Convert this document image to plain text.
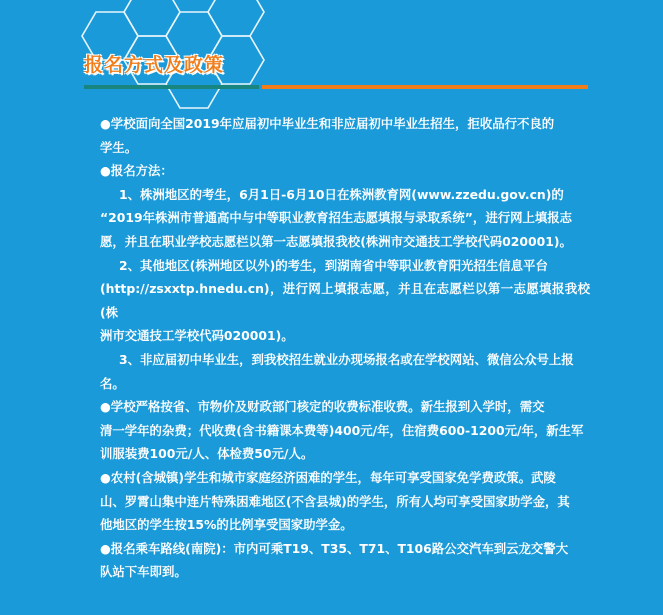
报名方式及政策

●学校面向全国2019年应届初中毕业生和非应届初中毕业生招生，拒收品行不良的

学生。

●报名方法：

1、株洲地区的考生，6月1日-6月10日在株洲教育网(www.zzedu.gov.cn)的

“2019年株洲市普通高中与中等职业教育招生志愿填报与录取系统”，进行网上填报志

愿，并且在职业学校志愿栏以第一志愿填报我校(株洲市交通技工学校代码020001)。

2、其他地区(株洲地区以外)的考生，到湖南省中等职业教育阳光招生信息平台

(http://zsxxtp.hnedu.cn)，进行网上填报志愿，并且在志愿栏以第一志愿填报我校(株

洲市交通技工学校代码020001)。

3、非应届初中毕业生，到我校招生就业办现场报名或在学校网站、微信公众号上报

名。

●学校严格按省、市物价及财政部门核定的收费标准收费。新生报到入学时，需交

清一学年的杂费；代收费(含书籍课本费等)400元/年，住宿费600-1200元/年，新生军

训服装费100元/人、体检费50元/人。

●农村(含城镇)学生和城市家庭经济困难的学生，每年可享受国家免学费政策。武陵

山、罗霄山集中连片特殊困难地区(不含县城)的学生，所有人均可享受国家助学金，其

他地区的学生按15%的比例享受国家助学金。

●报名乘车路线(南院)：市内可乘T19、T35、T71、T106路公交汽车到云龙交警大

队站下车即到。
